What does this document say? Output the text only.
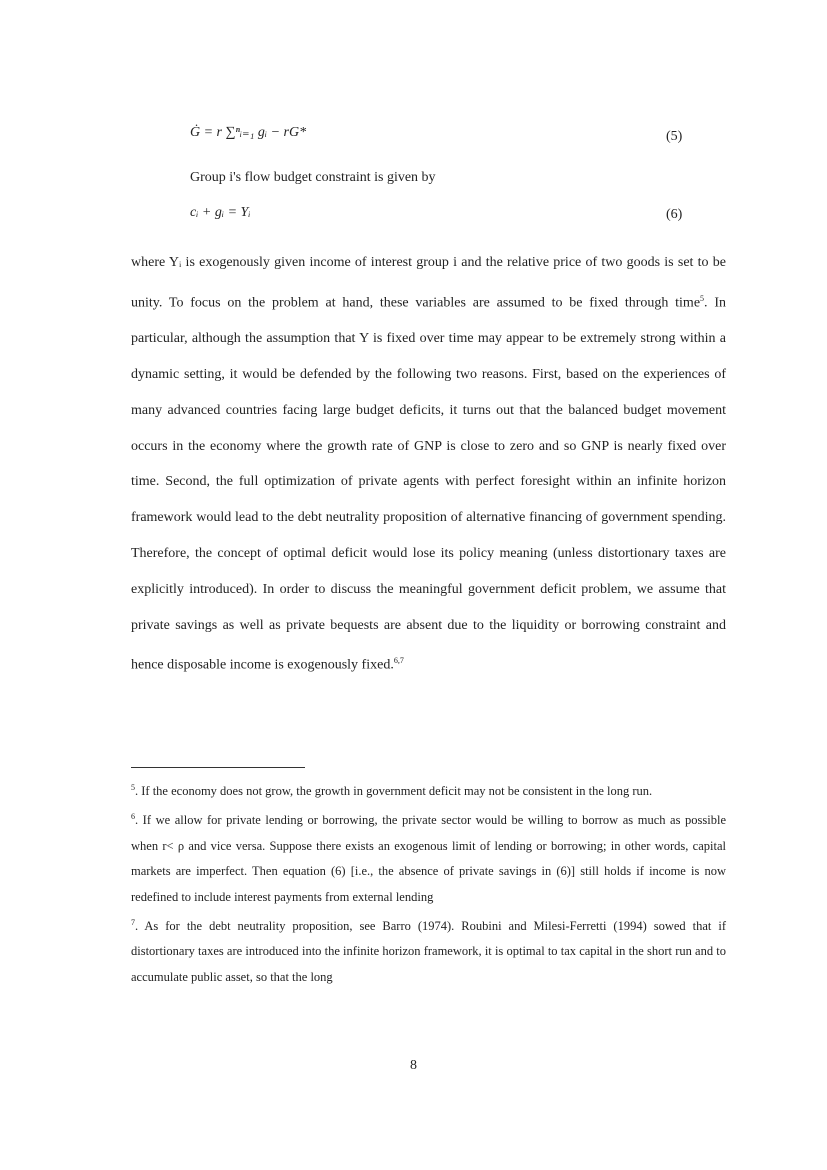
Ġ = r ∑ⁿᵢ₌₁ gᵢ − rG*	(5)
Group i's flow budget constraint is given by
cᵢ + gᵢ = Yᵢ	(6)
where Yᵢ is exogenously given income of interest group i and the relative price of two goods is set to be unity. To focus on the problem at hand, these variables are assumed to be fixed through time$^5$. In particular, although the assumption that Y is fixed over time may appear to be extremely strong within a dynamic setting, it would be defended by the following two reasons. First, based on the experiences of many advanced countries facing large budget deficits, it turns out that the balanced budget movement occurs in the economy where the growth rate of GNP is close to zero and so GNP is nearly fixed over time. Second, the full optimization of private agents with perfect foresight within an infinite horizon framework would lead to the debt neutrality proposition of alternative financing of government spending. Therefore, the concept of optimal deficit would lose its policy meaning (unless distortionary taxes are explicitly introduced). In order to discuss the meaningful government deficit problem, we assume that private savings as well as private bequests are absent due to the liquidity or borrowing constraint and hence disposable income is exogenously fixed.$^{6,7}$

$^5$. If the economy does not grow, the growth in government deficit may not be consistent in the long run.

$^6$. If we allow for private lending or borrowing, the private sector would be willing to borrow as much as possible when r< ρ and vice versa. Suppose there exists an exogenous limit of lending or borrowing; in other words, capital markets are imperfect. Then equation (6) [i.e., the absence of private savings in (6)] still holds if income is now redefined to include interest payments from external lending

$^7$. As for the debt neutrality proposition, see Barro (1974). Roubini and Milesi-Ferretti (1994) sowed that if distortionary taxes are introduced into the infinite horizon framework, it is optimal to tax capital in the short run and to accumulate public asset, so that the long

8
